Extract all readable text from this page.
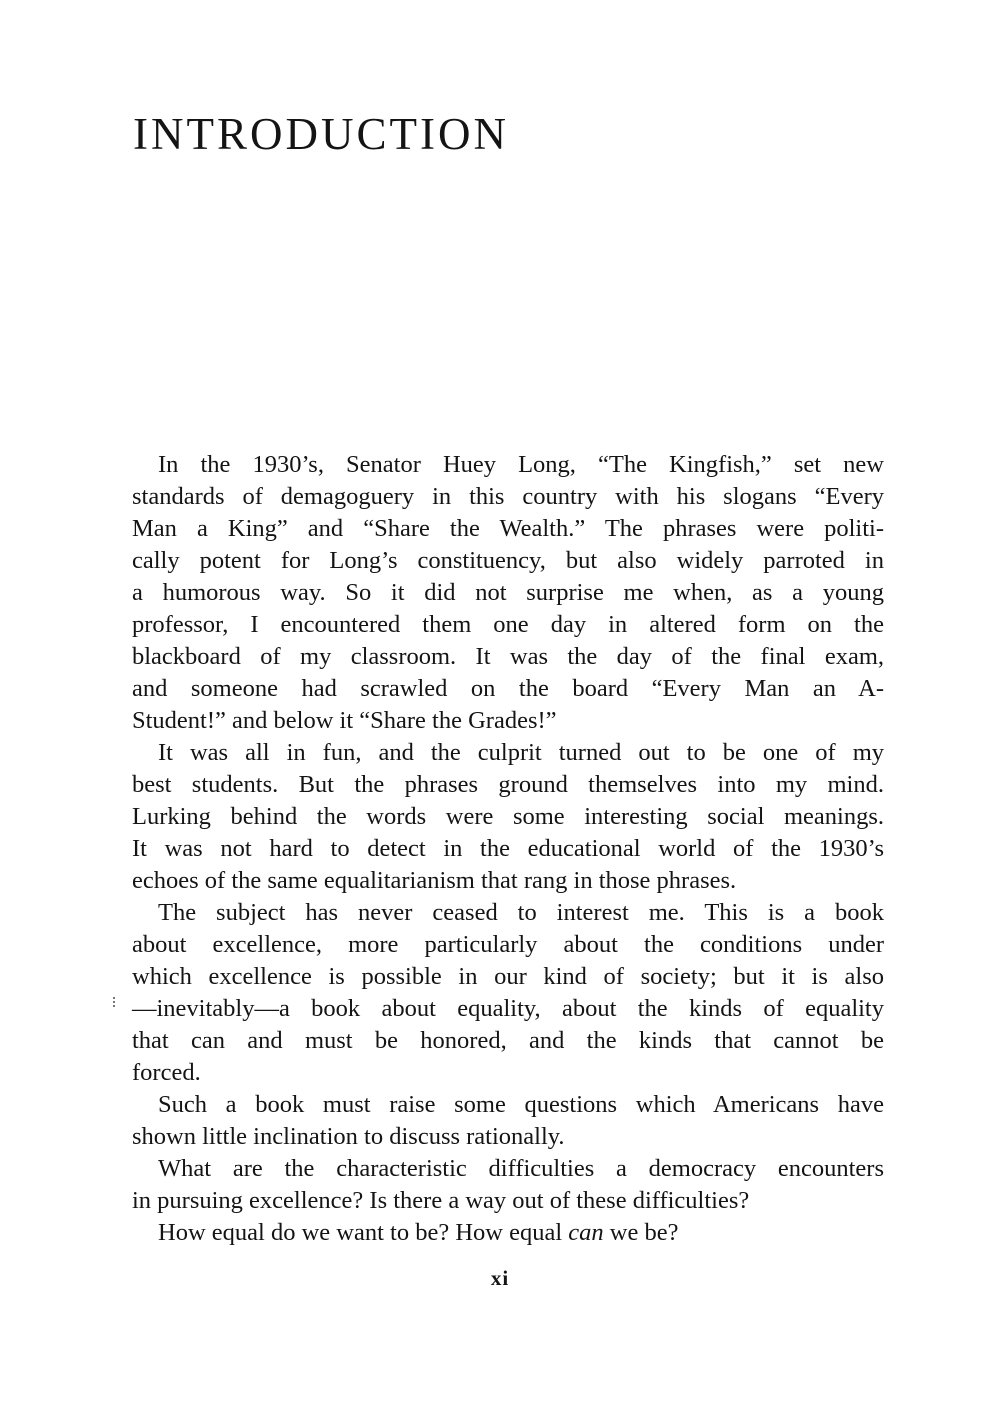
INTRODUCTION

In the 1930’s, Senator Huey Long, “The Kingfish,” set new
standards of demagoguery in this country with his slogans “Every
Man a King” and “Share the Wealth.” The phrases were politi-
cally potent for Long’s constituency, but also widely parroted in
a humorous way. So it did not surprise me when, as a young
professor, I encountered them one day in altered form on the
blackboard of my classroom. It was the day of the final exam,
and someone had scrawled on the board “Every Man an A-
Student!” and below it “Share the Grades!”

It was all in fun, and the culprit turned out to be one of my
best students. But the phrases ground themselves into my mind.
Lurking behind the words were some interesting social meanings.
It was not hard to detect in the educational world of the 1930’s
echoes of the same equalitarianism that rang in those phrases.

The subject has never ceased to interest me. This is a book
about excellence, more particularly about the conditions under
which excellence is possible in our kind of society; but it is also
—inevitably—a book about equality, about the kinds of equality
that can and must be honored, and the kinds that cannot be
forced.

Such a book must raise some questions which Americans have
shown little inclination to discuss rationally.

What are the characteristic difficulties a democracy encounters
in pursuing excellence? Is there a way out of these difficulties?

How equal do we want to be? How equal can we be?

xi
